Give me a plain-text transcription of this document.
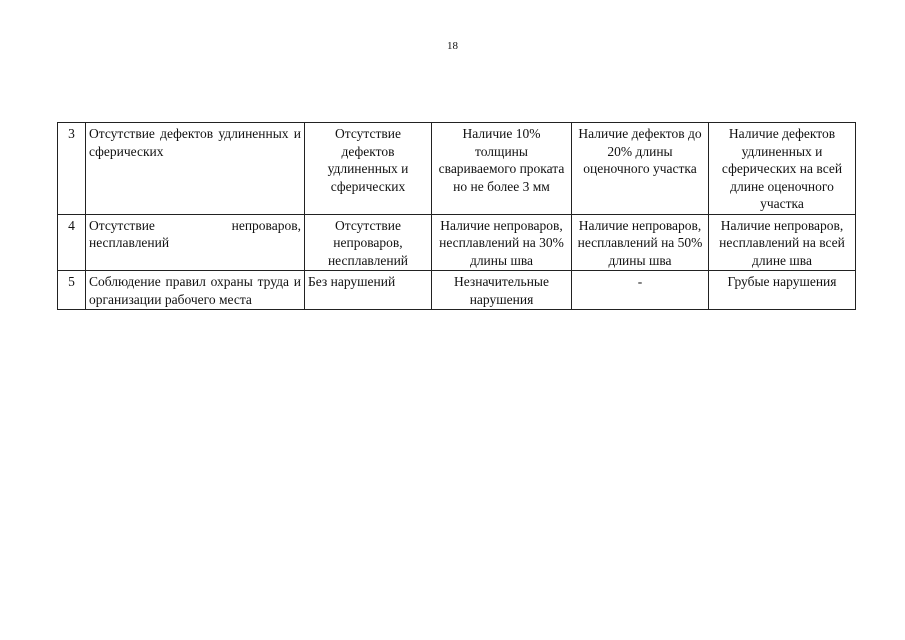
18
3	Отсутствие дефектов удлиненных и сферических	Отсутствие дефектов удлиненных и сферических	Наличие 10% толщины свариваемого проката но не более 3 мм	Наличие дефектов до 20% длины оценочного участка	Наличие дефектов удлиненных и сферических на всей длине оценочного участка
4	Отсутствие непроваров, несплавлений	Отсутствие непроваров, несплавлений	Наличие непроваров, несплавлений на 30% длины шва	Наличие непроваров, несплавлений на 50% длины шва	Наличие непроваров, несплавлений на всей длине шва
5	Соблюдение правил охраны труда и организации рабочего места	Без нарушений	Незначительные нарушения	-	Грубые нарушения
